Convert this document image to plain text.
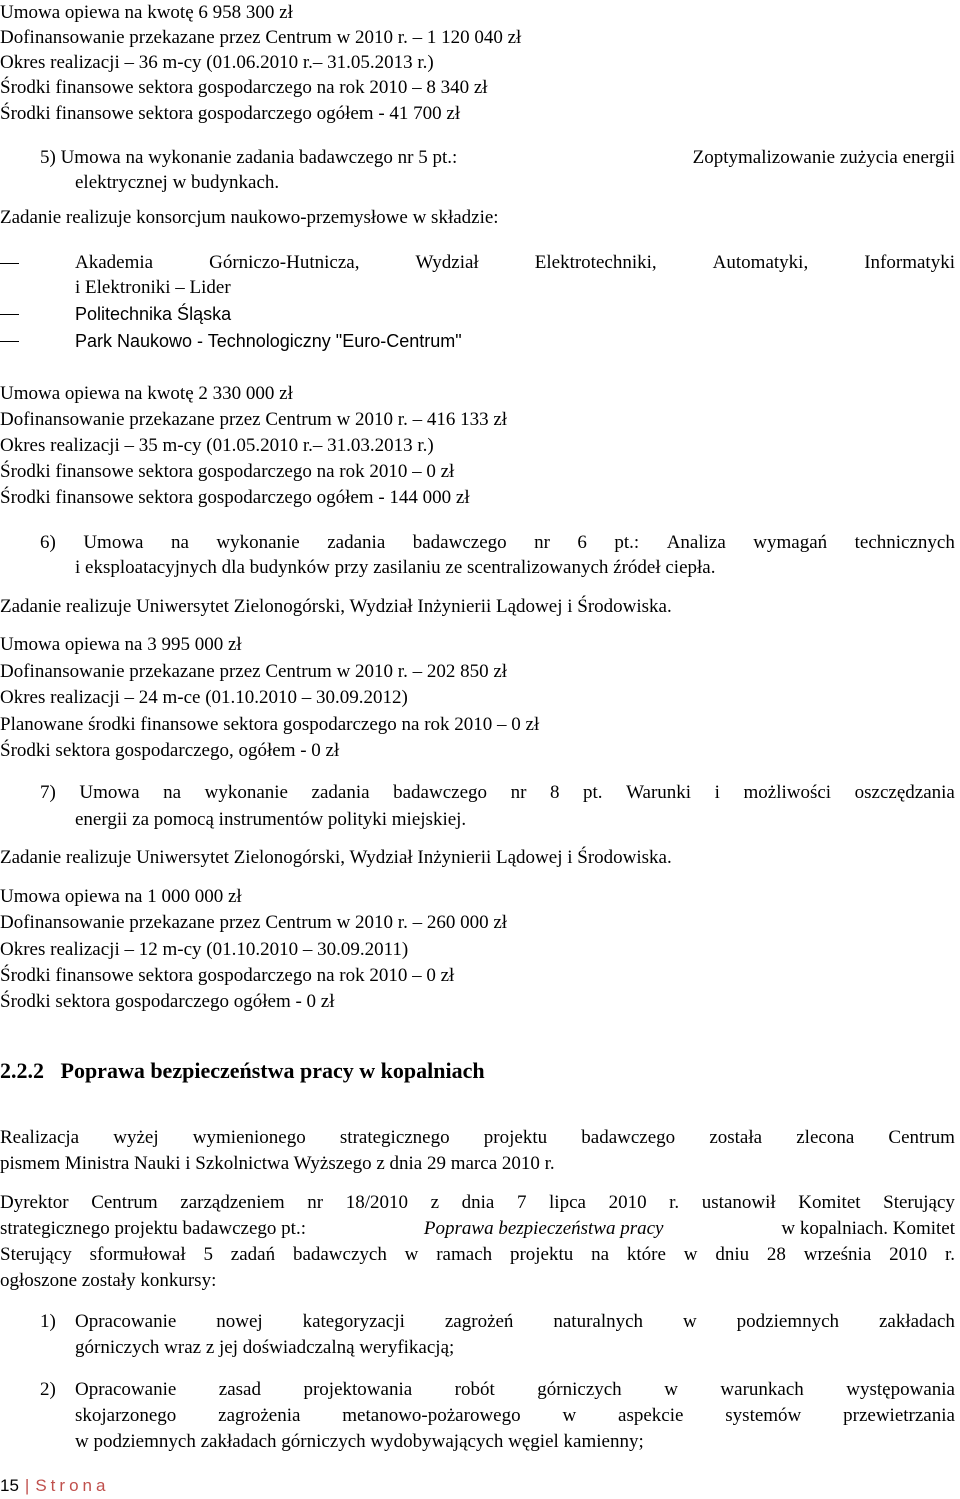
Umowa opiewa na kwotę 6 958 300 zł
Dofinansowanie przekazane przez Centrum w 2010 r. – 1 120 040 zł
Okres realizacji – 36 m-cy (01.06.2010 r.– 31.05.2013 r.)
Środki finansowe sektora gospodarczego na rok 2010 – 8 340 zł
Środki finansowe sektora gospodarczego ogółem - 41 700 zł
5) Umowa na wykonanie zadania badawczego nr 5 pt.:	Zoptymalizowanie zużycia energii
elektrycznej w budynkach.
Zadanie realizuje konsorcjum naukowo-przemysłowe w składzie:
Akademia	Górniczo-Hutnicza,	Wydział	Elektrotechniki,	Automatyki,	Informatyki
i Elektroniki – Lider
Politechnika Śląska
Park Naukowo - Technologiczny "Euro-Centrum"
Umowa opiewa na kwotę 2 330 000 zł
Dofinansowanie przekazane przez Centrum w 2010 r. – 416 133 zł
Okres realizacji – 35 m-cy (01.05.2010 r.– 31.03.2013 r.)
Środki finansowe sektora gospodarczego na rok 2010 – 0 zł
Środki finansowe sektora gospodarczego ogółem - 144 000 zł
6) Umowa na wykonanie zadania badawczego nr 6 pt.: Analiza wymagań technicznych
i eksploatacyjnych dla budynków przy zasilaniu ze scentralizowanych źródeł ciepła.
Zadanie realizuje Uniwersytet Zielonogórski, Wydział Inżynierii Lądowej i Środowiska.
Umowa opiewa na 3 995 000 zł
Dofinansowanie przekazane przez Centrum w 2010 r. – 202 850 zł
Okres realizacji – 24 m-ce (01.10.2010 – 30.09.2012)
Planowane środki finansowe sektora gospodarczego na rok 2010 – 0 zł
Środki sektora gospodarczego, ogółem - 0 zł
7) Umowa na wykonanie zadania badawczego nr 8 pt. Warunki i możliwości oszczędzania
energii za pomocą instrumentów polityki miejskiej.
Zadanie realizuje Uniwersytet Zielonogórski, Wydział Inżynierii Lądowej i Środowiska.
Umowa opiewa na 1 000 000 zł
Dofinansowanie przekazane przez Centrum w 2010 r. – 260 000 zł
Okres realizacji – 12 m-cy (01.10.2010 – 30.09.2011)
Środki finansowe sektora gospodarczego na rok 2010 – 0 zł
Środki sektora gospodarczego ogółem - 0 zł
2.2.2 Poprawa bezpieczeństwa pracy w kopalniach
Realizacja wyżej wymienionego strategicznego projektu badawczego została zlecona Centrum
pismem Ministra Nauki i Szkolnictwa Wyższego z dnia 29 marca 2010 r.
Dyrektor Centrum zarządzeniem nr 18/2010 z dnia 7 lipca 2010 r. ustanowił Komitet Sterujący
strategicznego projektu badawczego pt.:	Poprawa bezpieczeństwa pracy	w kopalniach. Komitet
Sterujący sformułował 5 zadań badawczych w ramach projektu na które w dniu 28 września 2010 r.
ogłoszone zostały konkursy:
1) Opracowanie nowej kategoryzacji zagrożeń naturalnych w podziemnych zakładach
górniczych wraz z jej doświadczalną weryfikacją;
2) Opracowanie zasad projektowania robót górniczych w warunkach występowania
skojarzonego zagrożenia metanowo-pożarowego w aspekcie systemów przewietrzania
w podziemnych zakładach górniczych wydobywających węgiel kamienny;
15 | Strona
